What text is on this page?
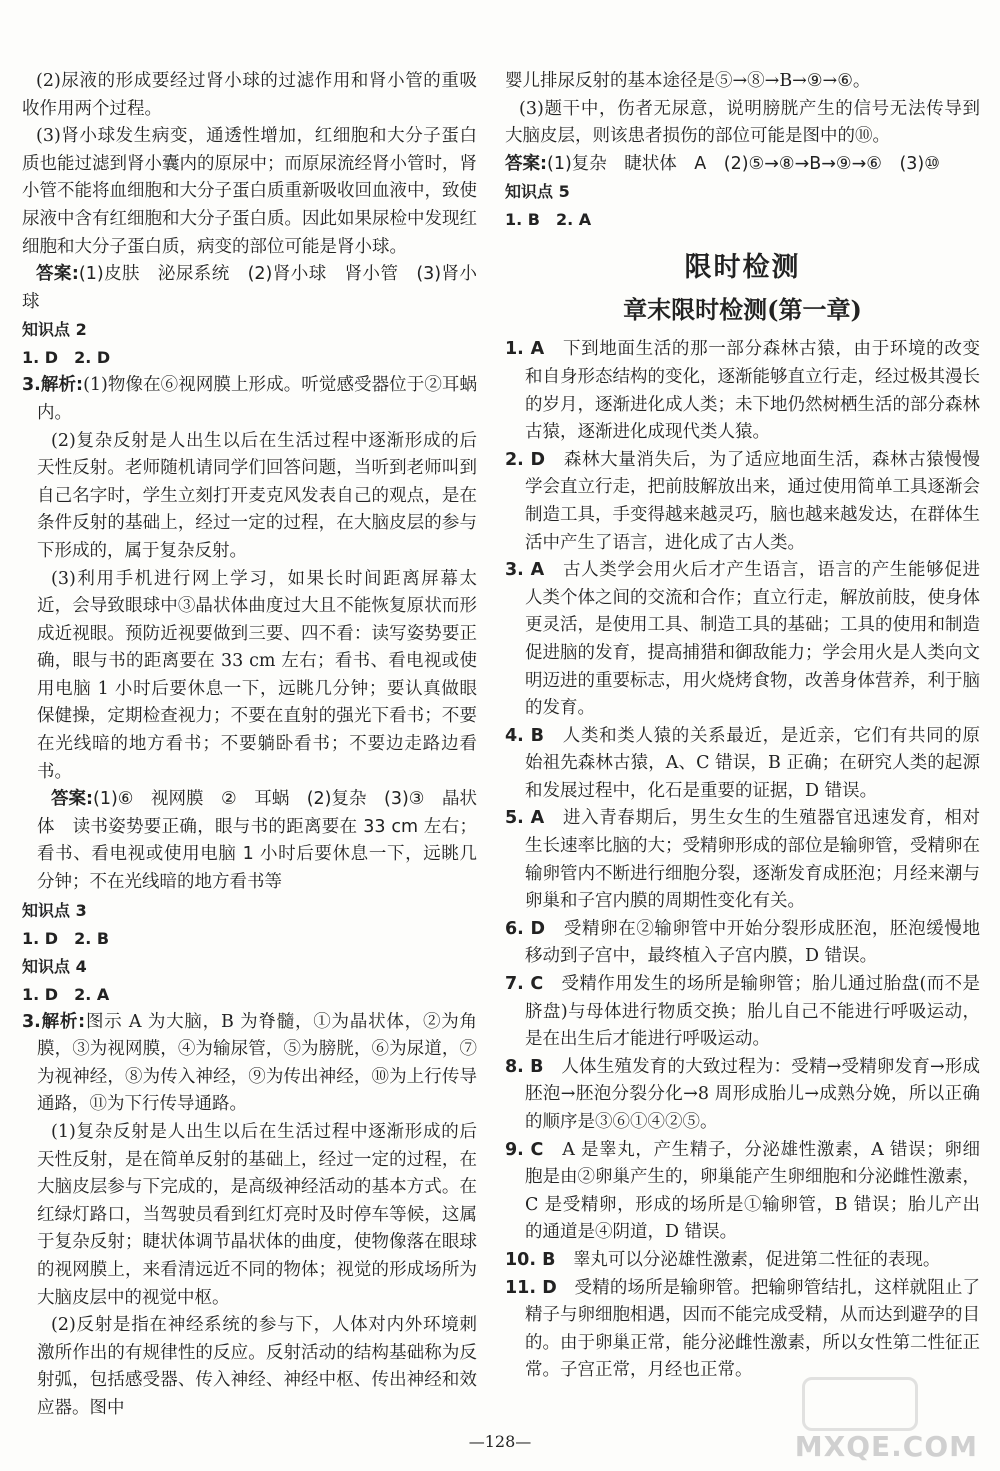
(2)尿液的形成要经过肾小球的过滤作用和肾小管的重吸收作用两个过程。

(3)肾小球发生病变，通透性增加，红细胞和大分子蛋白质也能过滤到肾小囊内的原尿中；而原尿流经肾小管时，肾小管不能将血细胞和大分子蛋白质重新吸收回血液中，致使尿液中含有红细胞和大分子蛋白质。因此如果尿检中发现红细胞和大分子蛋白质，病变的部位可能是肾小球。

答案:(1)皮肤　泌尿系统　(2)肾小球　肾小管　(3)肾小球

知识点 2

1. D　2. D

3.解析:(1)物像在⑥视网膜上形成。听觉感受器位于②耳蜗内。

(2)复杂反射是人出生以后在生活过程中逐渐形成的后天性反射。老师随机请同学们回答问题，当听到老师叫到自己名字时，学生立刻打开麦克风发表自己的观点，是在条件反射的基础上，经过一定的过程，在大脑皮层的参与下形成的，属于复杂反射。

(3)利用手机进行网上学习，如果长时间距离屏幕太近，会导致眼球中③晶状体曲度过大且不能恢复原状而形成近视眼。预防近视要做到三要、四不看：读写姿势要正确，眼与书的距离要在 33 cm 左右；看书、看电视或使用电脑 1 小时后要休息一下，远眺几分钟；要认真做眼保健操，定期检查视力；不要在直射的强光下看书；不要在光线暗的地方看书；不要躺卧看书；不要边走路边看书。

答案:(1)⑥　视网膜　②　耳蜗　(2)复杂　(3)③　晶状体　读书姿势要正确，眼与书的距离要在 33 cm 左右；看书、看电视或使用电脑 1 小时后要休息一下，远眺几分钟；不在光线暗的地方看书等

知识点 3

1. D　2. B

知识点 4

1. D　2. A

3.解析:图示 A 为大脑，B 为脊髓，①为晶状体，②为角膜，③为视网膜，④为输尿管，⑤为膀胱，⑥为尿道，⑦为视神经，⑧为传入神经，⑨为传出神经，⑩为上行传导通路，⑪为下行传导通路。

(1)复杂反射是人出生以后在生活过程中逐渐形成的后天性反射，是在简单反射的基础上，经过一定的过程，在大脑皮层参与下完成的，是高级神经活动的基本方式。在红绿灯路口，当驾驶员看到红灯亮时及时停车等候，这属于复杂反射；睫状体调节晶状体的曲度，使物像落在眼球的视网膜上，来看清远近不同的物体；视觉的形成场所为大脑皮层中的视觉中枢。

(2)反射是指在神经系统的参与下，人体对内外环境刺激所作出的有规律性的反应。反射活动的结构基础称为反射弧，包括感受器、传入神经、神经中枢、传出神经和效应器。图中

婴儿排尿反射的基本途径是⑤→⑧→B→⑨→⑥。

(3)题干中，伤者无尿意，说明膀胱产生的信号无法传导到大脑皮层，则该患者损伤的部位可能是图中的⑩。

答案:(1)复杂　睫状体　A　(2)⑤→⑧→B→⑨→⑥　(3)⑩

知识点 5

1. B　2. A

限时检测
章末限时检测(第一章)

1. A　 下到地面生活的那一部分森林古猿，由于环境的改变和自身形态结构的变化，逐渐能够直立行走，经过极其漫长的岁月，逐渐进化成人类；未下地仍然树栖生活的部分森林古猿，逐渐进化成现代类人猿。

2. D　 森林大量消失后，为了适应地面生活，森林古猿慢慢学会直立行走，把前肢解放出来，通过使用简单工具逐渐会制造工具，手变得越来越灵巧，脑也越来越发达，在群体生活中产生了语言，进化成了古人类。

3. A　 古人类学会用火后才产生语言，语言的产生能够促进人类个体之间的交流和合作；直立行走，解放前肢，使身体更灵活，是使用工具、制造工具的基础；工具的使用和制造促进脑的发育，提高捕猎和御敌能力；学会用火是人类向文明迈进的重要标志，用火烧烤食物，改善身体营养，利于脑的发育。

4. B　 人类和类人猿的关系最近，是近亲，它们有共同的原始祖先森林古猿，A、C 错误，B 正确；在研究人类的起源和发展过程中，化石是重要的证据，D 错误。

5. A　 进入青春期后，男生女生的生殖器官迅速发育，相对生长速率比脑的大；受精卵形成的部位是输卵管，受精卵在输卵管内不断进行细胞分裂，逐渐发育成胚泡；月经来潮与卵巢和子宫内膜的周期性变化有关。

6. D　 受精卵在②输卵管中开始分裂形成胚泡，胚泡缓慢地移动到子宫中，最终植入子宫内膜，D 错误。

7. C　 受精作用发生的场所是输卵管；胎儿通过胎盘(而不是脐盘)与母体进行物质交换；胎儿自己不能进行呼吸运动，是在出生后才能进行呼吸运动。

8. B　 人体生殖发育的大致过程为：受精→受精卵发育→形成胚泡→胚泡分裂分化→8 周形成胎儿→成熟分娩，所以正确的顺序是③⑥①④②⑤。

9. C　 A 是睾丸，产生精子，分泌雄性激素，A 错误；卵细胞是由②卵巢产生的，卵巢能产生卵细胞和分泌雌性激素，C 是受精卵，形成的场所是①输卵管，B 错误；胎儿产出的通道是④阴道，D 错误。

10. B　 睾丸可以分泌雄性激素，促进第二性征的表现。

11. D　 受精的场所是输卵管。把输卵管结扎，这样就阻止了精子与卵细胞相遇，因而不能完成受精，从而达到避孕的目的。由于卵巢正常，能分泌雌性激素，所以女性第二性征正常。子宫正常，月经也正常。

—128—	MXQE.COM
